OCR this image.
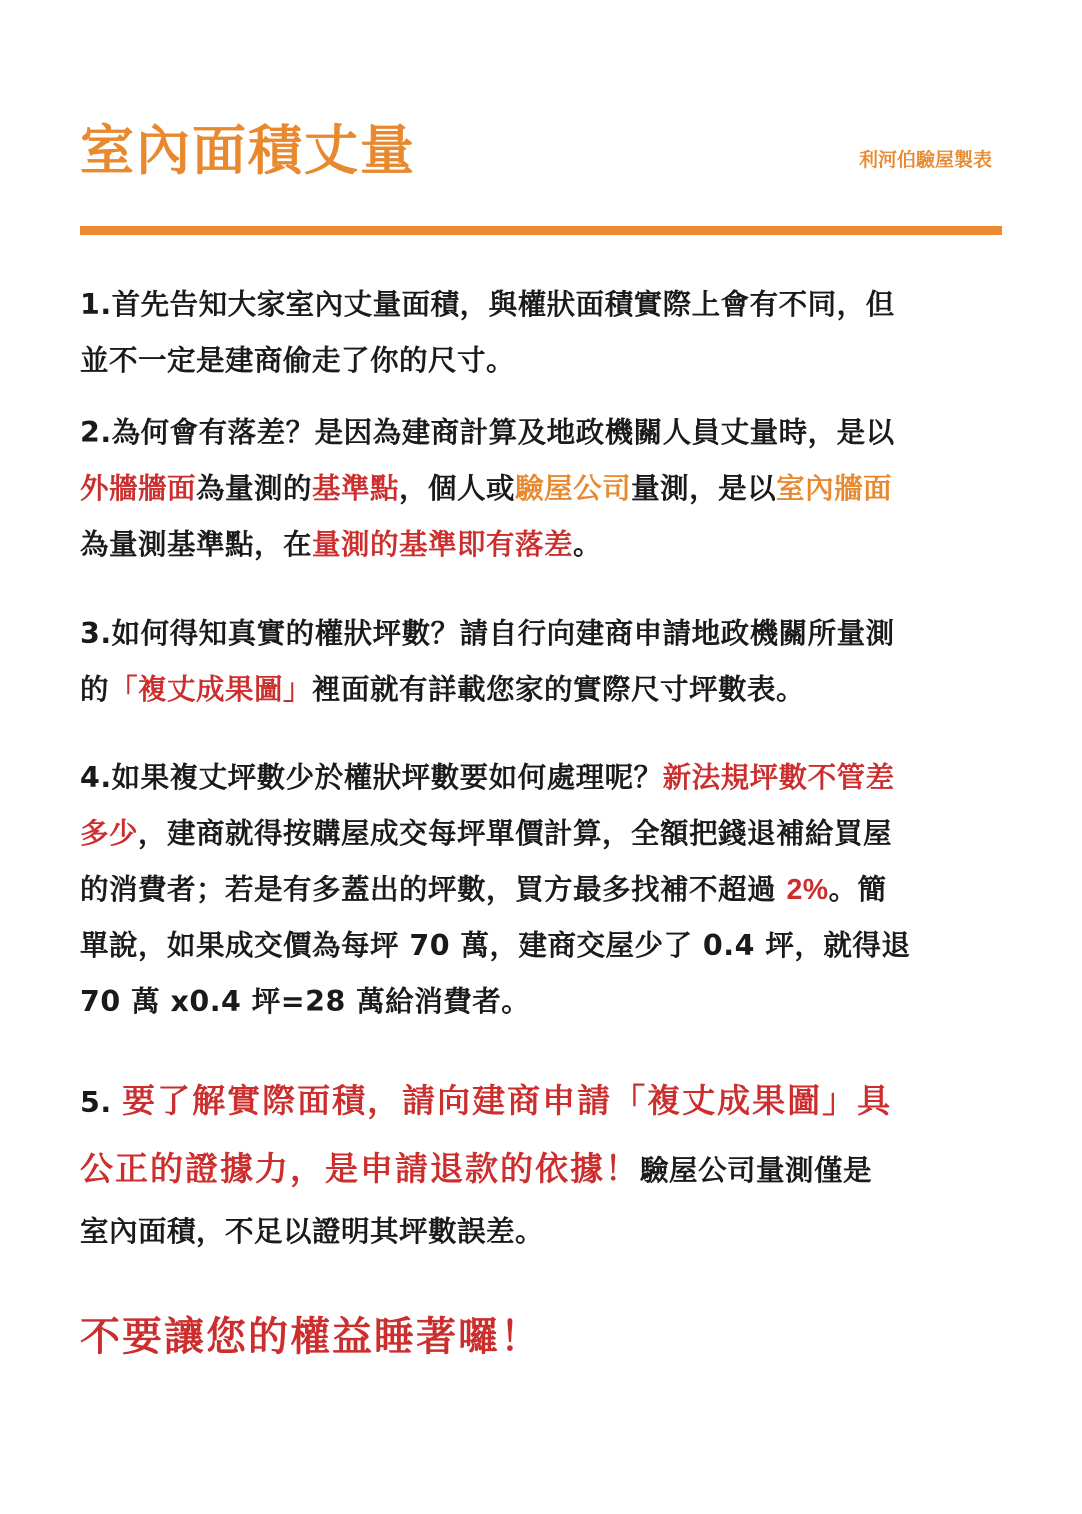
室內面積丈量	利河伯驗屋製表
1.首先告知大家室內丈量面積，與權狀面積實際上會有不同，但
並不一定是建商偷走了你的尺寸。
2.為何會有落差？是因為建商計算及地政機關人員丈量時，是以
外牆牆面為量測的基準點，個人或驗屋公司量測，是以室內牆面
為量測基準點，在量測的基準即有落差。
3.如何得知真實的權狀坪數？請自行向建商申請地政機關所量測
的「複丈成果圖」裡面就有詳載您家的實際尺寸坪數表。
4.如果複丈坪數少於權狀坪數要如何處理呢？新法規坪數不管差
多少，建商就得按購屋成交每坪單價計算，全額把錢退補給買屋
的消費者；若是有多蓋出的坪數，買方最多找補不超過 2%。簡
單說，如果成交價為每坪 70 萬，建商交屋少了 0.4 坪，就得退
70 萬 x0.4 坪=28 萬給消費者。
5. 要了解實際面積，請向建商申請「複丈成果圖」具
公正的證據力，是申請退款的依據！驗屋公司量測僅是
室內面積，不足以證明其坪數誤差。
不要讓您的權益睡著囉！
